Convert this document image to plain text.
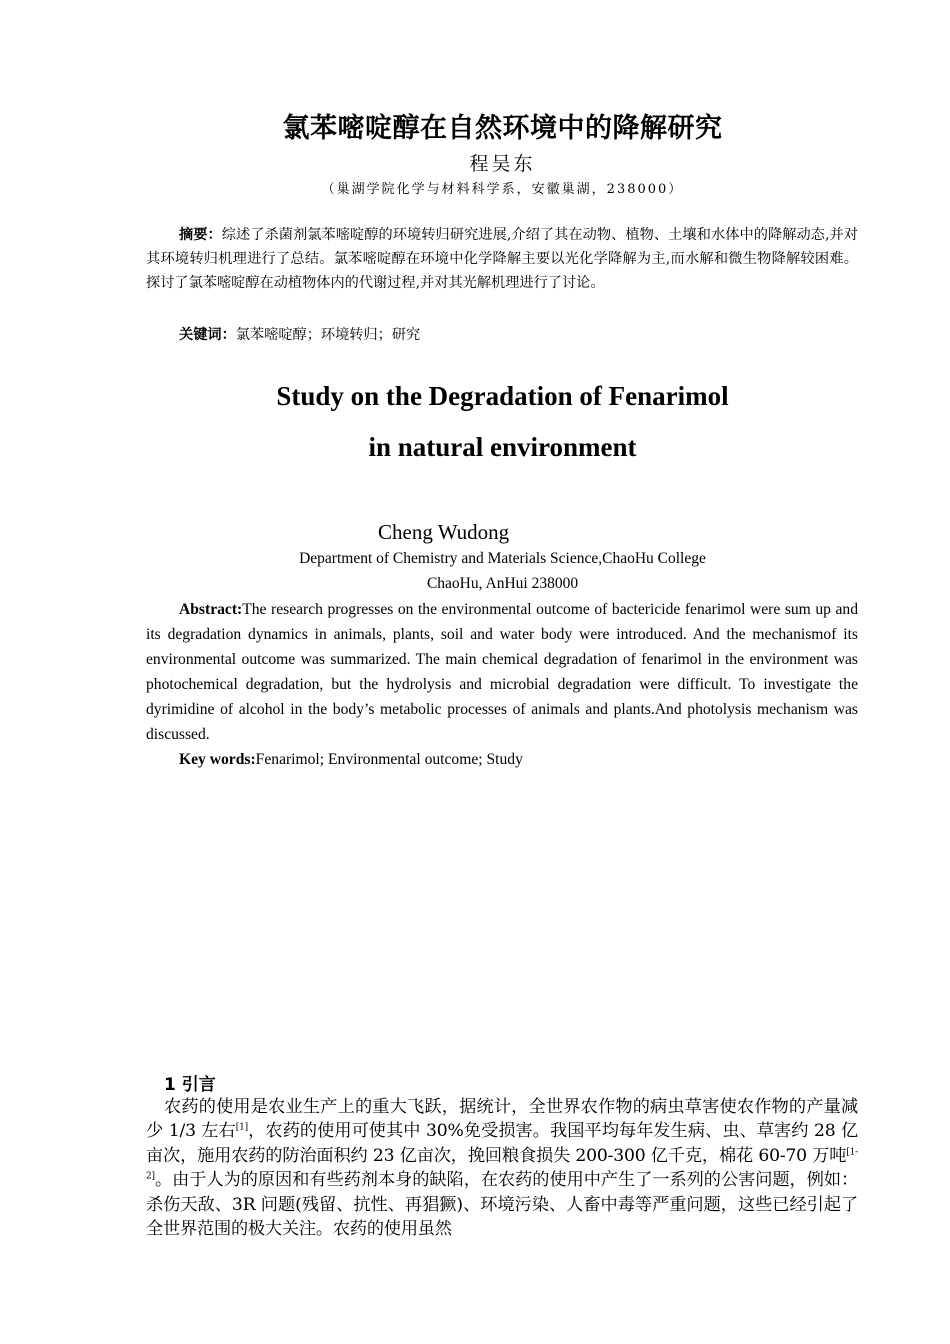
氯苯嘧啶醇在自然环境中的降解研究
程吴东
（巢湖学院化学与材料科学系，安徽巢湖，238000）
摘要：综述了杀菌剂氯苯嘧啶醇的环境转归研究进展,介绍了其在动物、植物、土壤和水体中的降解动态,并对其环境转归机理进行了总结。氯苯嘧啶醇在环境中化学降解主要以光化学降解为主,而水解和微生物降解较困难。探讨了氯苯嘧啶醇在动植物体内的代谢过程,并对其光解机理进行了讨论。
关键词：氯苯嘧啶醇；环境转归；研究
Study on the Degradation of Fenarimol
in natural environment
Cheng Wudong
Department of Chemistry and Materials Science,ChaoHu College
ChaoHu, AnHui 238000
Abstract:The research progresses on the environmental outcome of bactericide fenarimol were sum up and its degradation dynamics in animals, plants, soil and water body were introduced. And the mechanismof its environmental outcome was summarized. The main chemical degradation of fenarimol in the environment was photochemical degradation, but the hydrolysis and microbial degradation were difficult. To investigate the dyrimidine of alcohol in the body’s metabolic processes of animals and plants.And photolysis mechanism was discussed.
Key words:Fenarimol; Environmental outcome; Study
1 引言
农药的使用是农业生产上的重大飞跃，据统计，全世界农作物的病虫草害使农作物的产量减少 1/3 左右[1]，农药的使用可使其中 30%免受损害。我国平均每年发生病、虫、草害约 28 亿亩次，施用农药的防治面积约 23 亿亩次，挽回粮食损失 200-300 亿千克，棉花 60-70 万吨[1-2]。由于人为的原因和有些药剂本身的缺陷，在农药的使用中产生了一系列的公害问题，例如：杀伤天敌、3R 问题(残留、抗性、再猖獗)、环境污染、人畜中毒等严重问题，这些已经引起了全世界范围的极大关注。农药的使用虽然
